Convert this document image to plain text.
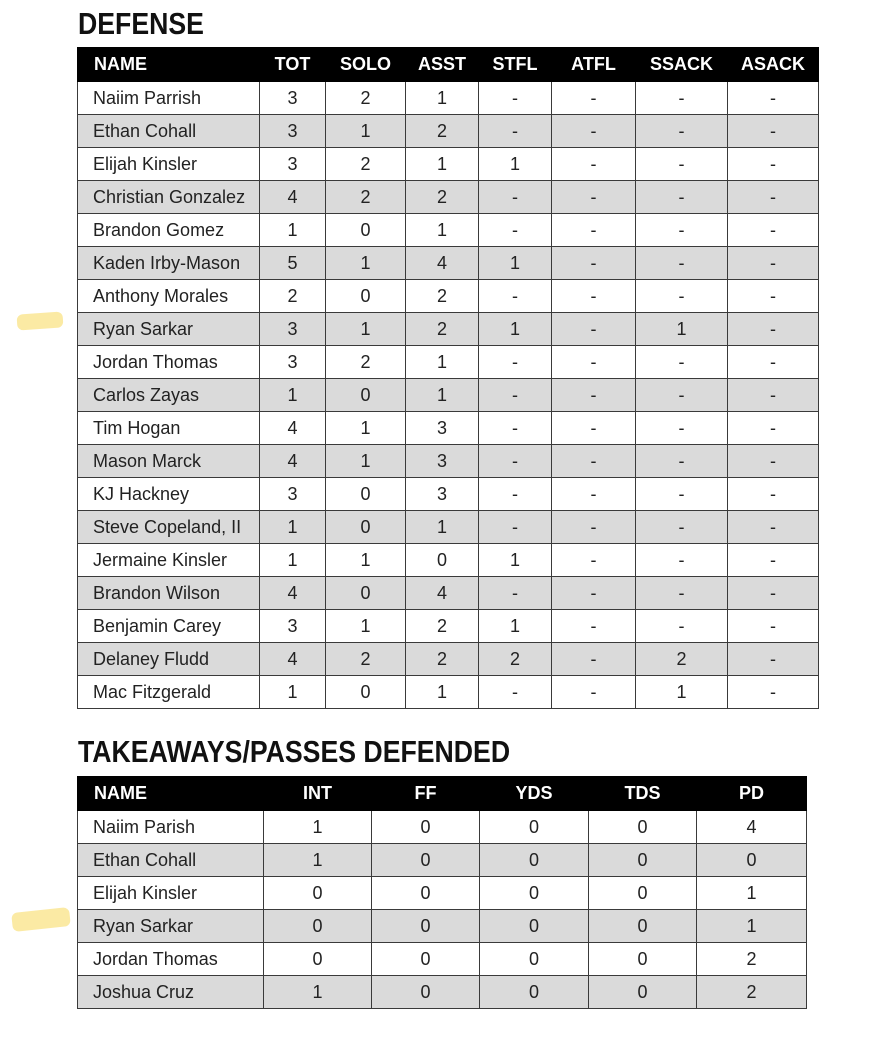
DEFENSE
NAME	TOT	SOLO	ASST	STFL	ATFL	SSACK	ASACK
Naiim Parrish	3	2	1	-	-	-	-
Ethan Cohall	3	1	2	-	-	-	-
Elijah Kinsler	3	2	1	1	-	-	-
Christian Gonzalez	4	2	2	-	-	-	-
Brandon Gomez	1	0	1	-	-	-	-
Kaden Irby-Mason	5	1	4	1	-	-	-
Anthony Morales	2	0	2	-	-	-	-
Ryan Sarkar	3	1	2	1	-	1	-
Jordan Thomas	3	2	1	-	-	-	-
Carlos Zayas	1	0	1	-	-	-	-
Tim Hogan	4	1	3	-	-	-	-
Mason Marck	4	1	3	-	-	-	-
KJ Hackney	3	0	3	-	-	-	-
Steve Copeland, II	1	0	1	-	-	-	-
Jermaine Kinsler	1	1	0	1	-	-	-
Brandon Wilson	4	0	4	-	-	-	-
Benjamin Carey	3	1	2	1	-	-	-
Delaney Fludd	4	2	2	2	-	2	-
Mac Fitzgerald	1	0	1	-	-	1	-
TAKEAWAYS/PASSES DEFENDED
NAME	INT	FF	YDS	TDS	PD
Naiim Parish	1	0	0	0	4
Ethan Cohall	1	0	0	0	0
Elijah Kinsler	0	0	0	0	1
Ryan Sarkar	0	0	0	0	1
Jordan Thomas	0	0	0	0	2
Joshua Cruz	1	0	0	0	2
